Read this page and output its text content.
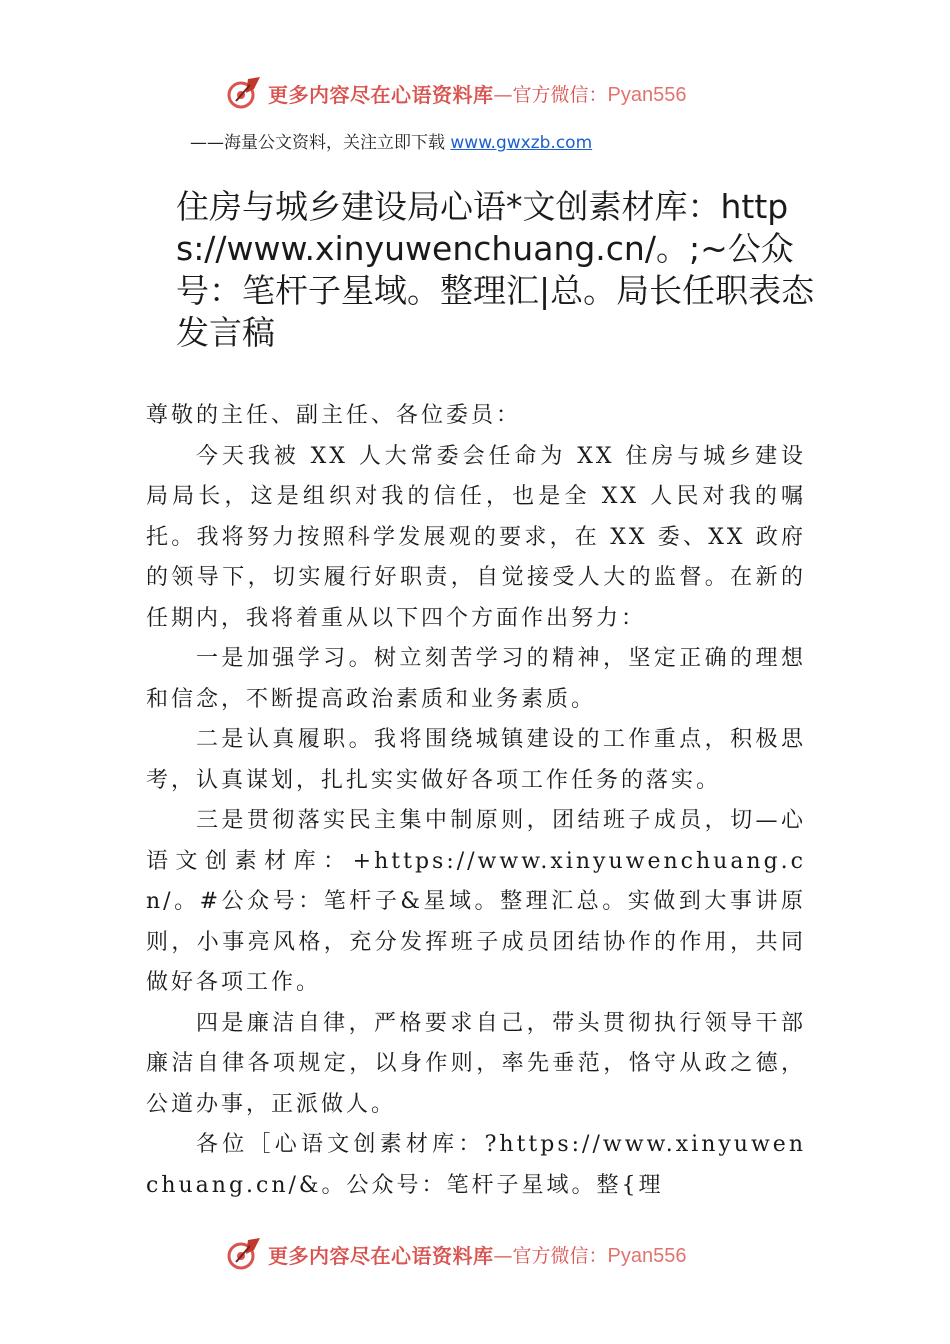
更多内容尽在心语资料库 —官方微信：Pyan556
——海量公文资料，关注立即下载 www.gwxzb.com
住房与城乡建设局心语*文创素材库：https://www.xinyuwenchuang.cn/。;~公众号：笔杆子星域。整理汇|总。局长任职表态发言稿

尊敬的主任、副主任、各位委员：

今天我被 XX 人大常委会任命为 XX 住房与城乡建设局局长，这是组织对我的信任，也是全 XX 人民对我的嘱托。我将努力按照科学发展观的要求，在 XX 委、XX 政府的领导下，切实履行好职责，自觉接受人大的监督。在新的任期内，我将着重从以下四个方面作出努力：

一是加强学习。树立刻苦学习的精神，坚定正确的理想和信念，不断提高政治素质和业务素质。

二是认真履职。我将围绕城镇建设的工作重点，积极思考，认真谋划，扎扎实实做好各项工作任务的落实。

三是贯彻落实民主集中制原则，团结班子成员，切—心语文创素材库：+https://www.xinyuwenchuang.cn/。#公众号：笔杆子&星域。整理汇总。实做到大事讲原则，小事亮风格，充分发挥班子成员团结协作的作用，共同做好各项工作。

四是廉洁自律，严格要求自己，带头贯彻执行领导干部廉洁自律各项规定，以身作则，率先垂范，恪守从政之德， 公道办事，正派做人。

各位［心语文创素材库：?https://www.xinyuwenchuang.cn/&。公众号：笔杆子星域。整{理

更多内容尽在心语资料库 —官方微信：Pyan556
